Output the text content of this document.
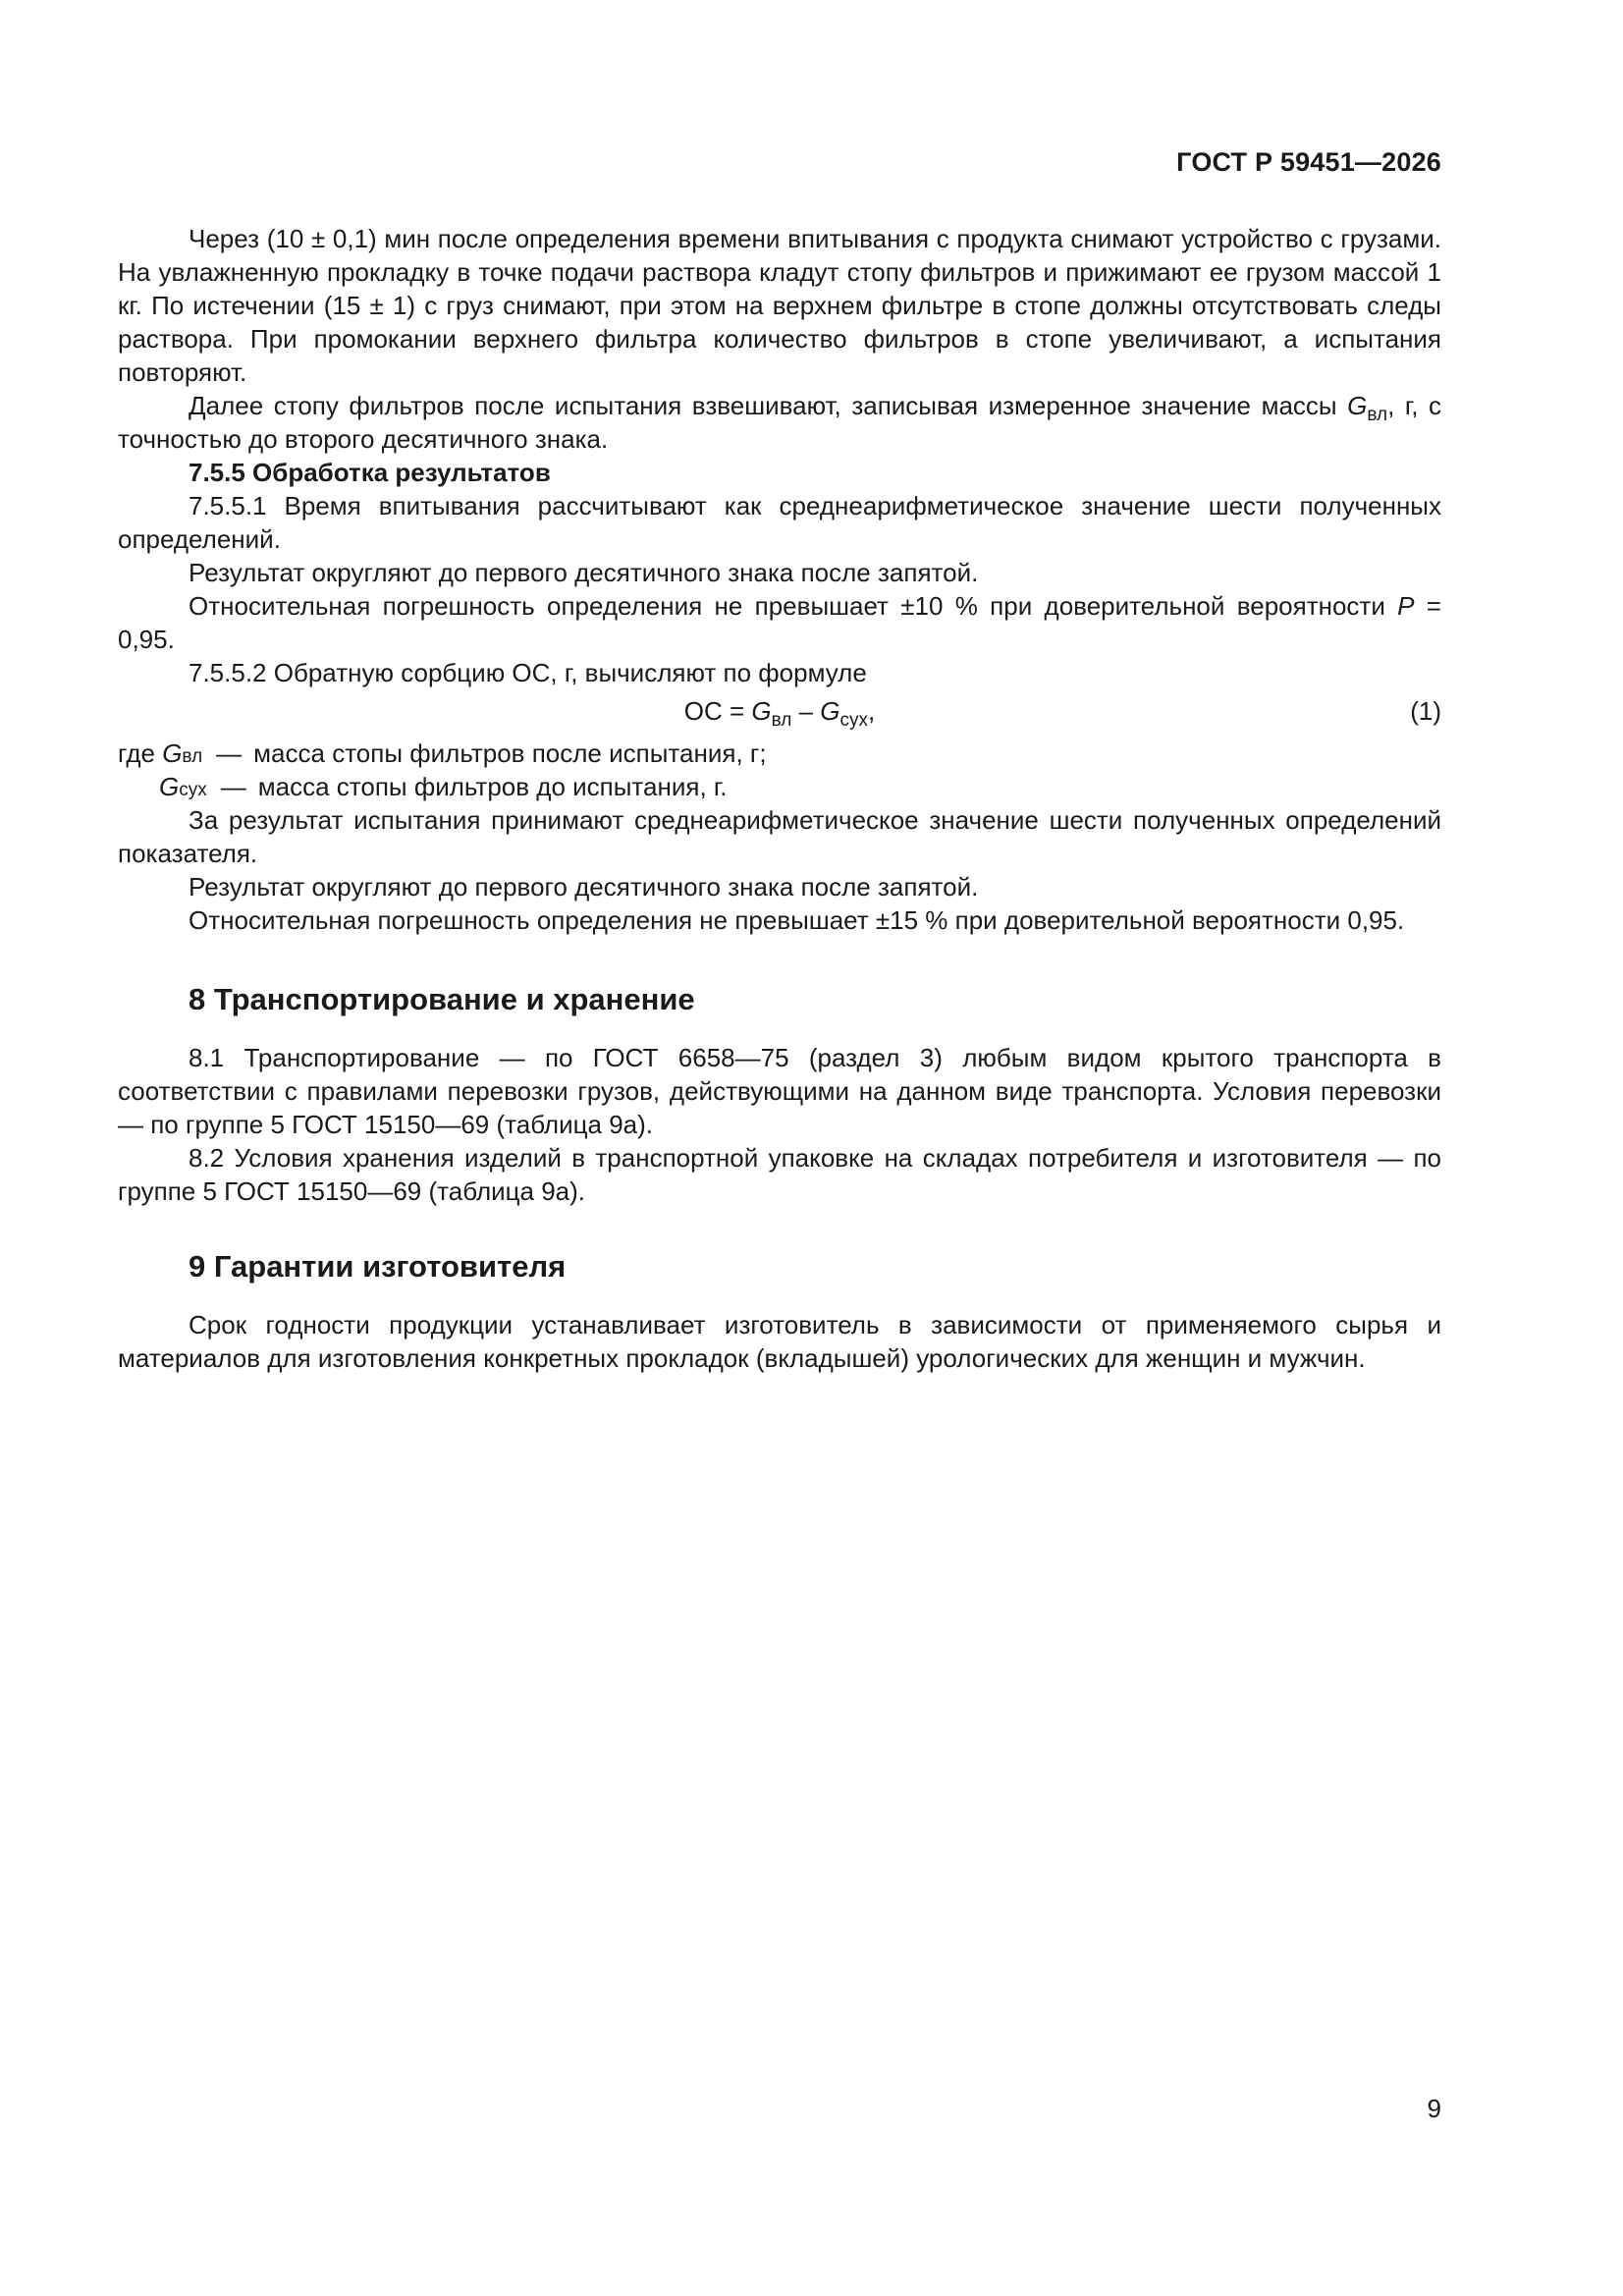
ГОСТ Р 59451—2026

Через (10 ± 0,1) мин после определения времени впитывания с продукта снимают устройство с грузами. На увлажненную прокладку в точке подачи раствора кладут стопу фильтров и прижимают ее грузом массой 1 кг. По истечении (15 ± 1) с груз снимают, при этом на верхнем фильтре в стопе должны отсутствовать следы раствора. При промокании верхнего фильтра количество фильтров в стопе увеличивают, а испытания повторяют.

Далее стопу фильтров после испытания взвешивают, записывая измеренное значение массы $G_{вл}$, г, с точностью до второго десятичного знака.

7.5.5 Обработка результатов

7.5.5.1 Время впитывания рассчитывают как среднеарифметическое значение шести полученных определений.

Результат округляют до первого десятичного знака после запятой.

Относительная погрешность определения не превышает ±10 % при доверительной вероятности P = 0,95.

7.5.5.2 Обратную сорбцию ОС, г, вычисляют по формуле

ОС = $G_{вл} - G_{сух}$,	(1)
где
G вл — масса стопы фильтров после испытания, г;
G сух — масса стопы фильтров до испытания, г.

За результат испытания принимают среднеарифметическое значение шести полученных определений показателя.

Результат округляют до первого десятичного знака после запятой.

Относительная погрешность определения не превышает ±15 % при доверительной вероятности 0,95.

8 Транспортирование и хранение

8.1 Транспортирование — по ГОСТ 6658—75 (раздел 3) любым видом крытого транспорта в соответствии с правилами перевозки грузов, действующими на данном виде транспорта. Условия перевозки — по группе 5 ГОСТ 15150—69 (таблица 9а).

8.2 Условия хранения изделий в транспортной упаковке на складах потребителя и изготовителя — по группе 5 ГОСТ 15150—69 (таблица 9а).

9 Гарантии изготовителя

Срок годности продукции устанавливает изготовитель в зависимости от применяемого сырья и материалов для изготовления конкретных прокладок (вкладышей) урологических для женщин и мужчин.

9
